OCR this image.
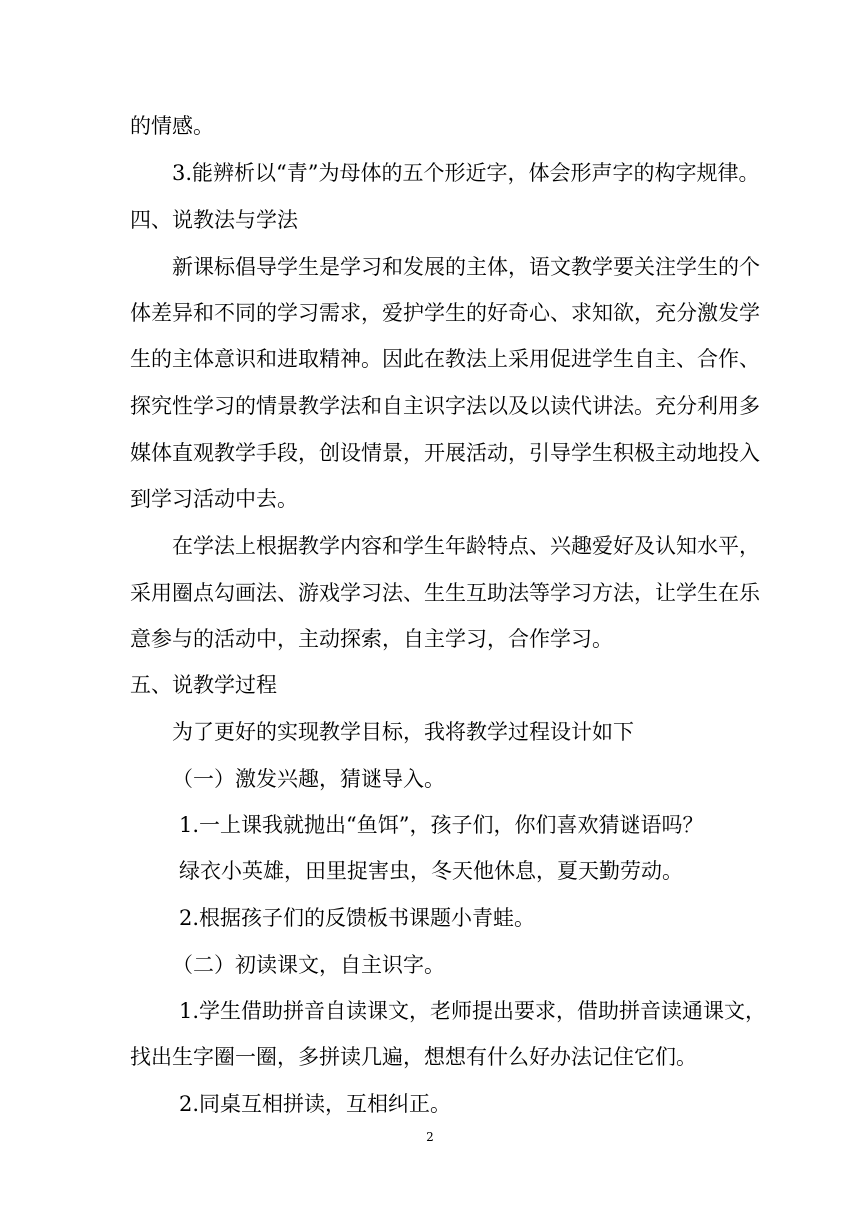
的情感。
3.能辨析以“青”为母体的五个形近字，体会形声字的构字规律。
四、说教法与学法
新课标倡导学生是学习和发展的主体，语文教学要关注学生的个
体差异和不同的学习需求，爱护学生的好奇心、求知欲，充分激发学
生的主体意识和进取精神。因此在教法上采用促进学生自主、合作、
探究性学习的情景教学法和自主识字法以及以读代讲法。充分利用多
媒体直观教学手段，创设情景，开展活动，引导学生积极主动地投入
到学习活动中去。
在学法上根据教学内容和学生年龄特点、兴趣爱好及认知水平，
采用圈点勾画法、游戏学习法、生生互助法等学习方法，让学生在乐
意参与的活动中，主动探索，自主学习，合作学习。
五、说教学过程
为了更好的实现教学目标，我将教学过程设计如下
（一）激发兴趣，猜谜导入。
1.一上课我就抛出“鱼饵”，孩子们，你们喜欢猜谜语吗？
绿衣小英雄，田里捉害虫，冬天他休息，夏天勤劳动。
2.根据孩子们的反馈板书课题小青蛙。
（二）初读课文，自主识字。
1.学生借助拼音自读课文，老师提出要求，借助拼音读通课文，
找出生字圈一圈，多拼读几遍，想想有什么好办法记住它们。
2.同桌互相拼读，互相纠正。
2
